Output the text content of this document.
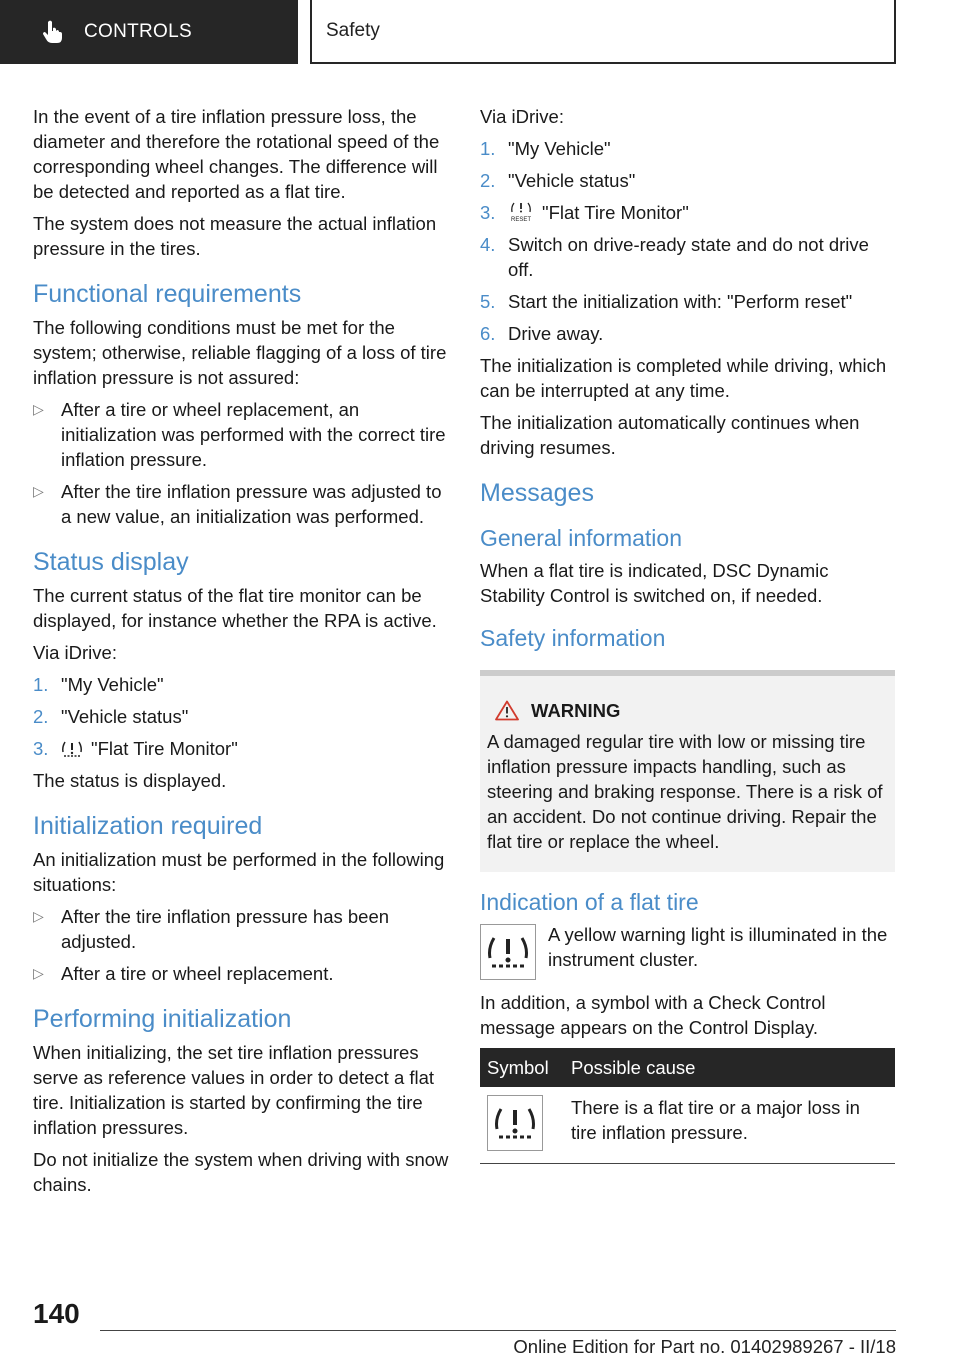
CONTROLS	Safety

In the event of a tire inflation pressure loss, the diameter and therefore the rotational speed of the corresponding wheel changes. The difference will be detected and reported as a flat tire.

The system does not measure the actual inflation pressure in the tires.

Functional requirements

The following conditions must be met for the system; otherwise, reliable flagging of a loss of tire inflation pressure is not assured:

▷ After a tire or wheel replacement, an initialization was performed with the correct tire inflation pressure.
▷ After the tire inflation pressure was adjusted to a new value, an initialization was performed.
Status display

The current status of the flat tire monitor can be displayed, for instance whether the RPA is active.

Via iDrive:

1. "My Vehicle"
2. "Vehicle status"
3. "Flat Tire Monitor"

The status is displayed.

Initialization required

An initialization must be performed in the following situations:

▷ After the tire inflation pressure has been adjusted.
▷ After a tire or wheel replacement.
Performing initialization

When initializing, the set tire inflation pressures serve as reference values in order to detect a flat tire. Initialization is started by confirming the tire inflation pressures.

Do not initialize the system when driving with snow chains.

Via iDrive:

1. "My Vehicle"
2. "Vehicle status"
3.	RESET "Flat Tire Monitor"
4. Switch on drive-ready state and do not drive off.
5. Start the initialization with: "Perform reset"
6. Drive away.

The initialization is completed while driving, which can be interrupted at any time.

The initialization automatically continues when driving resumes.

Messages
General information

When a flat tire is indicated, DSC Dynamic Stability Control is switched on, if needed.

Safety information
WARNING
A damaged regular tire with low or missing tire inflation pressure impacts handling, such as steering and braking response. There is a risk of an accident. Do not continue driving. Repair the flat tire or replace the wheel.
Indication of a flat tire
A yellow warning light is illuminated in the instrument cluster.

In addition, a symbol with a Check Control message appears on the Control Display.

Symbol	Possible cause

	There is a flat tire or a major loss in tire inflation pressure.
140
Online Edition for Part no. 01402989267 - II/18
